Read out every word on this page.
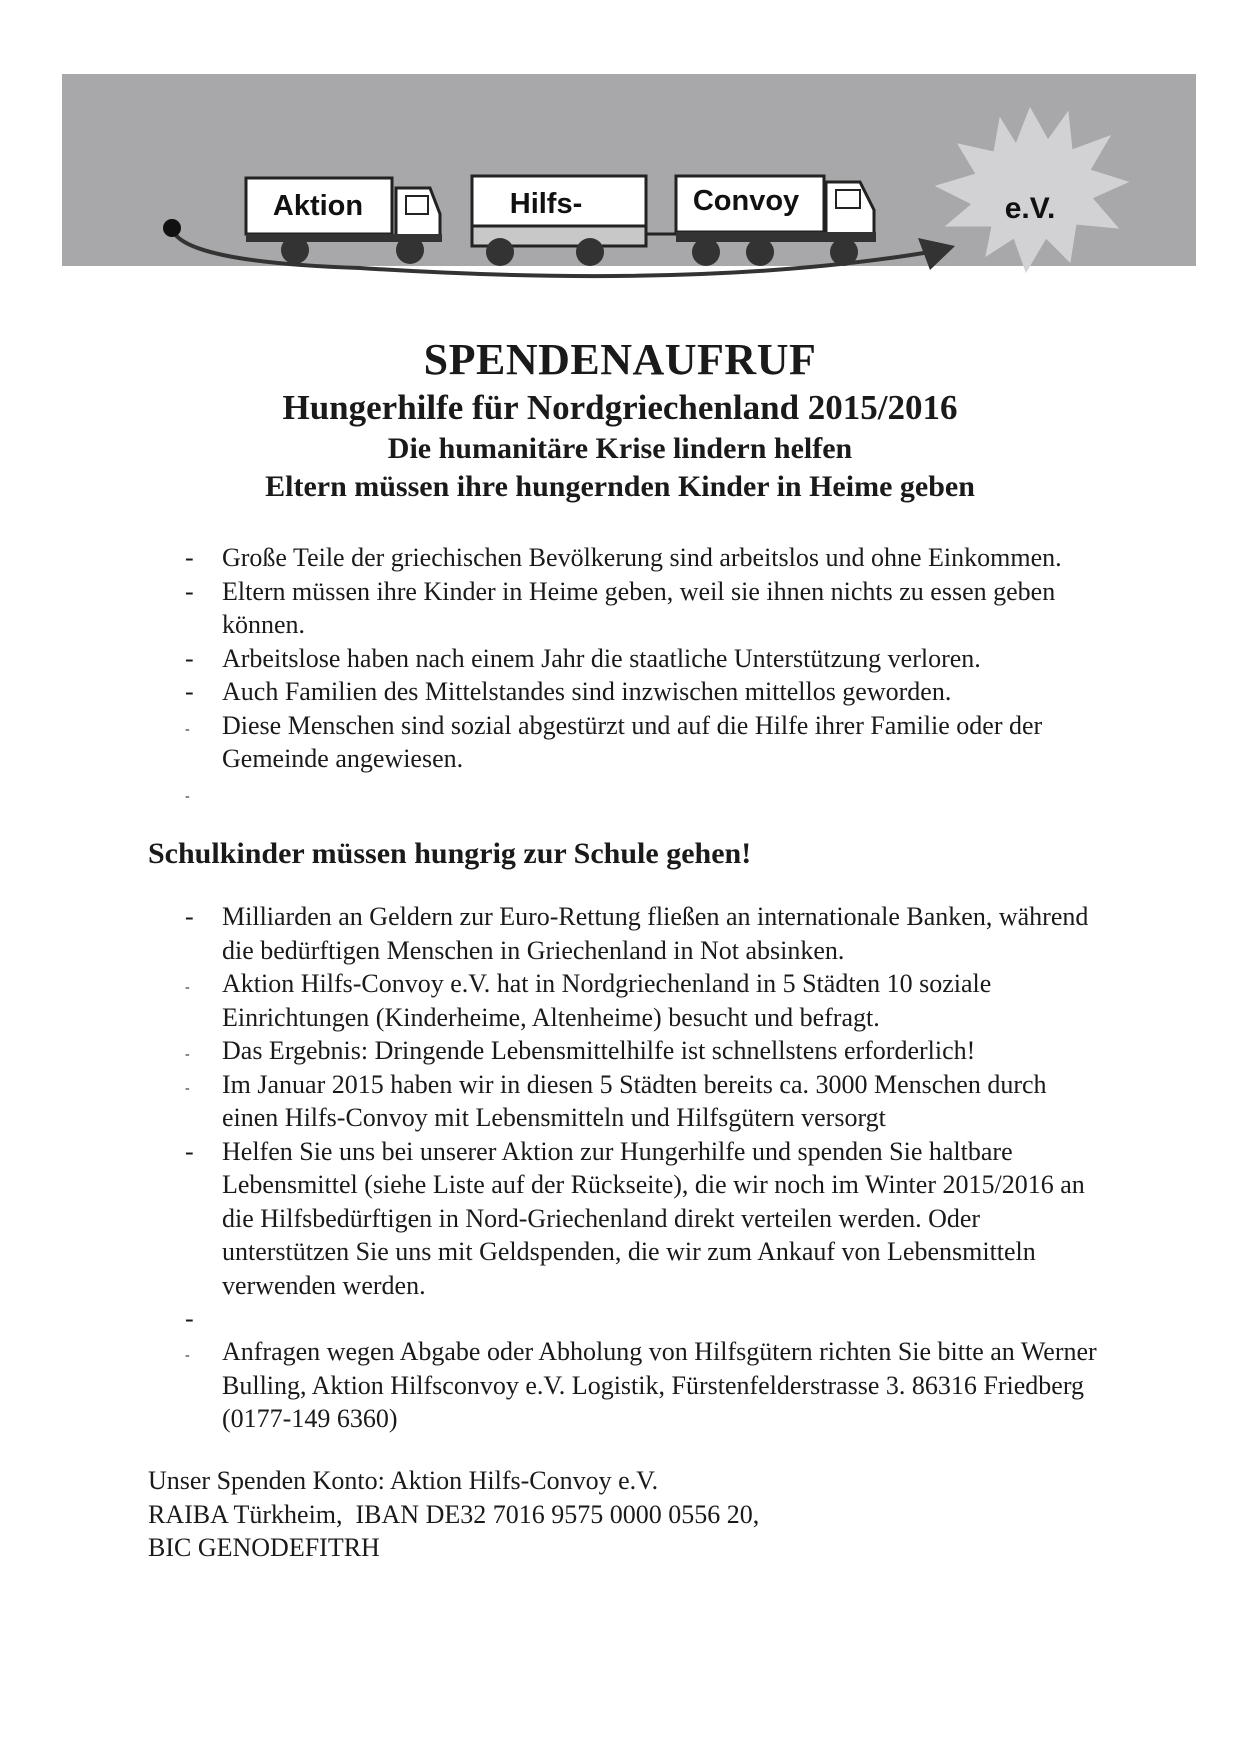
Aktion	Hilfs-	Convoy	e.V.
SPENDENAUFRUF
Hungerhilfe für Nordgriechenland 2015/2016
Die humanitäre Krise lindern helfen
Eltern müssen ihre hungernden Kinder in Heime geben
- Große Teile der griechischen Bevölkerung sind arbeitslos und ohne Einkommen.
- Eltern müssen ihre Kinder in Heime geben, weil sie ihnen nichts zu essen geben können.
- Arbeitslose haben nach einem Jahr die staatliche Unterstützung verloren.
- Auch Familien des Mittelstandes sind inzwischen mittellos geworden.
- Diese Menschen sind sozial abgestürzt und auf die Hilfe ihrer Familie oder der Gemeinde angewiesen.
-
Schulkinder müssen hungrig zur Schule gehen!
- Milliarden an Geldern zur Euro-Rettung fließen an internationale Banken, während die bedürftigen Menschen in Griechenland in Not absinken.
- Aktion Hilfs-Convoy e.V. hat in Nordgriechenland in 5 Städten 10 soziale Einrichtungen (Kinderheime, Altenheime) besucht und befragt.
- Das Ergebnis: Dringende Lebensmittelhilfe ist schnellstens erforderlich!
- Im Januar 2015 haben wir in diesen 5 Städten bereits ca. 3000 Menschen durch einen Hilfs-Convoy mit Lebensmitteln und Hilfsgütern versorgt
- Helfen Sie uns bei unserer Aktion zur Hungerhilfe und spenden Sie haltbare Lebensmittel (siehe Liste auf der Rückseite), die wir noch im Winter 2015/2016 an die Hilfsbedürftigen in Nord-Griechenland direkt verteilen werden. Oder unterstützen Sie uns mit Geldspenden, die wir zum Ankauf von Lebensmitteln verwenden werden.
-
- Anfragen wegen Abgabe oder Abholung von Hilfsgütern richten Sie bitte an Werner Bulling, Aktion Hilfsconvoy e.V. Logistik, Fürstenfelderstrasse 3. 86316 Friedberg (0177-149 6360)
Unser Spenden Konto: Aktion Hilfs-Convoy e.V.
RAIBA Türkheim,  IBAN DE32 7016 9575 0000 0556 20,
BIC GENODEFITRH
